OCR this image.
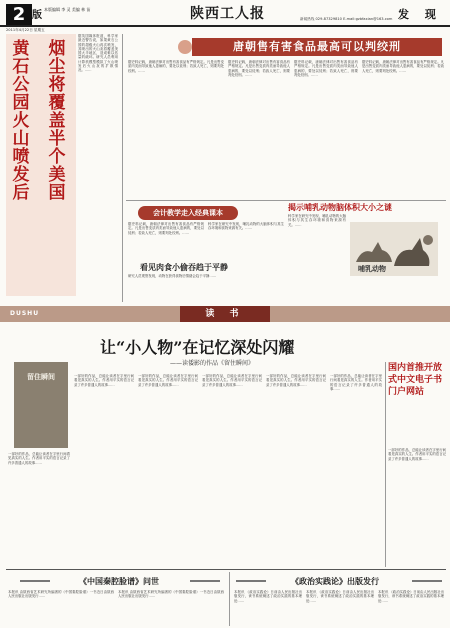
2 版
本版编辑 李 灵 美编 林 苗	陕西工人报	发 现
新闻热线 029-87329810 E-mail:gzbfaxian@163.com
2011年4月22日 星期五
烟尘将覆盖半个美国
黄石公园火山喷发后
据英国媒体报道，科学家最近警告说，如果黄石公园的超级火山再次喷发，其喷出的火山灰将覆盖美国大半地区，造成难以估量的破坏。研究人员利用计算机模型模拟了火山喷发后火山灰的扩散情况。……
唐朝售有害食品最高可以判绞刑
据史料记载，唐朝法律对出售有害食品有严格规定。凡是出售变质肉类而导致他人患病的，要处以徒刑；若致人死亡，则要判处绞刑。……
据史料记载，唐朝法律对出售有害食品有严格规定。凡是出售变质肉类而导致他人患病的，要处以徒刑；若致人死亡，则要判处绞刑。……
据史料记载，唐朝法律对出售有害食品有严格规定。凡是出售变质肉类而导致他人患病的，要处以徒刑；若致人死亡，则要判处绞刑。……
据史料记载，唐朝法律对出售有害食品有严格规定。凡是出售变质肉类而导致他人患病的，要处以徒刑；若致人死亡，则要判处绞刑。……
揭示哺乳动物脑体积大小之谜
科学家在研究中发现，哺乳动物的大脑体积与其生存环境和食物来源有关。……
哺乳动物
会计教学走入经典课本
据史料记载，唐朝法律对出售有害食品有严格规定。凡是出售变质肉类而导致他人患病的，要处以徒刑；若致人死亡，则要判处绞刑。……
科学家在研究中发现，哺乳动物的大脑体积与其生存环境和食物来源有关。……
看见肉食小偷吞趋于平静
研究人员观察发现，动物在获得食物后情绪会趋于平静……
DUSHU	读 书
让“小人物”在记忆深处闪耀
——读倭影的作品《留住瞬间》
留住瞬间
一部好的作品，总能让读者在字里行间看见真实的人生。作者用平实的语言记录了许多普通人的故事……
一部好的作品，总能让读者在字里行间看见真实的人生。作者用平实的语言记录了许多普通人的故事……
一部好的作品，总能让读者在字里行间看见真实的人生。作者用平实的语言记录了许多普通人的故事……
一部好的作品，总能让读者在字里行间看见真实的人生。作者用平实的语言记录了许多普通人的故事……
一部好的作品，总能让读者在字里行间看见真实的人生。作者用平实的语言记录了许多普通人的故事……
一部好的作品，总能让读者在字里行间看见真实的人生。作者用平实的语言记录了许多普通人的故事……
国内首推开放式中文电子书门户网站
一部好的作品，总能让读者在字里行间看见真实的人生。作者用平实的语言记录了许多普通人的故事……
《中国秦腔脸谱》问世
本报讯 由陕西省艺术研究所编著的《中国秦腔脸谱》一书近日由陕西人民出版社出版发行……
本报讯 由陕西省艺术研究所编著的《中国秦腔脸谱》一书近日由陕西人民出版社出版发行……
《政治实践论》出版发行
本报讯 《政治实践论》日前由人民出版社出版发行，该书系统阐述了政治实践的基本理论……
本报讯 《政治实践论》日前由人民出版社出版发行，该书系统阐述了政治实践的基本理论……
本报讯 《政治实践论》日前由人民出版社出版发行，该书系统阐述了政治实践的基本理论……
